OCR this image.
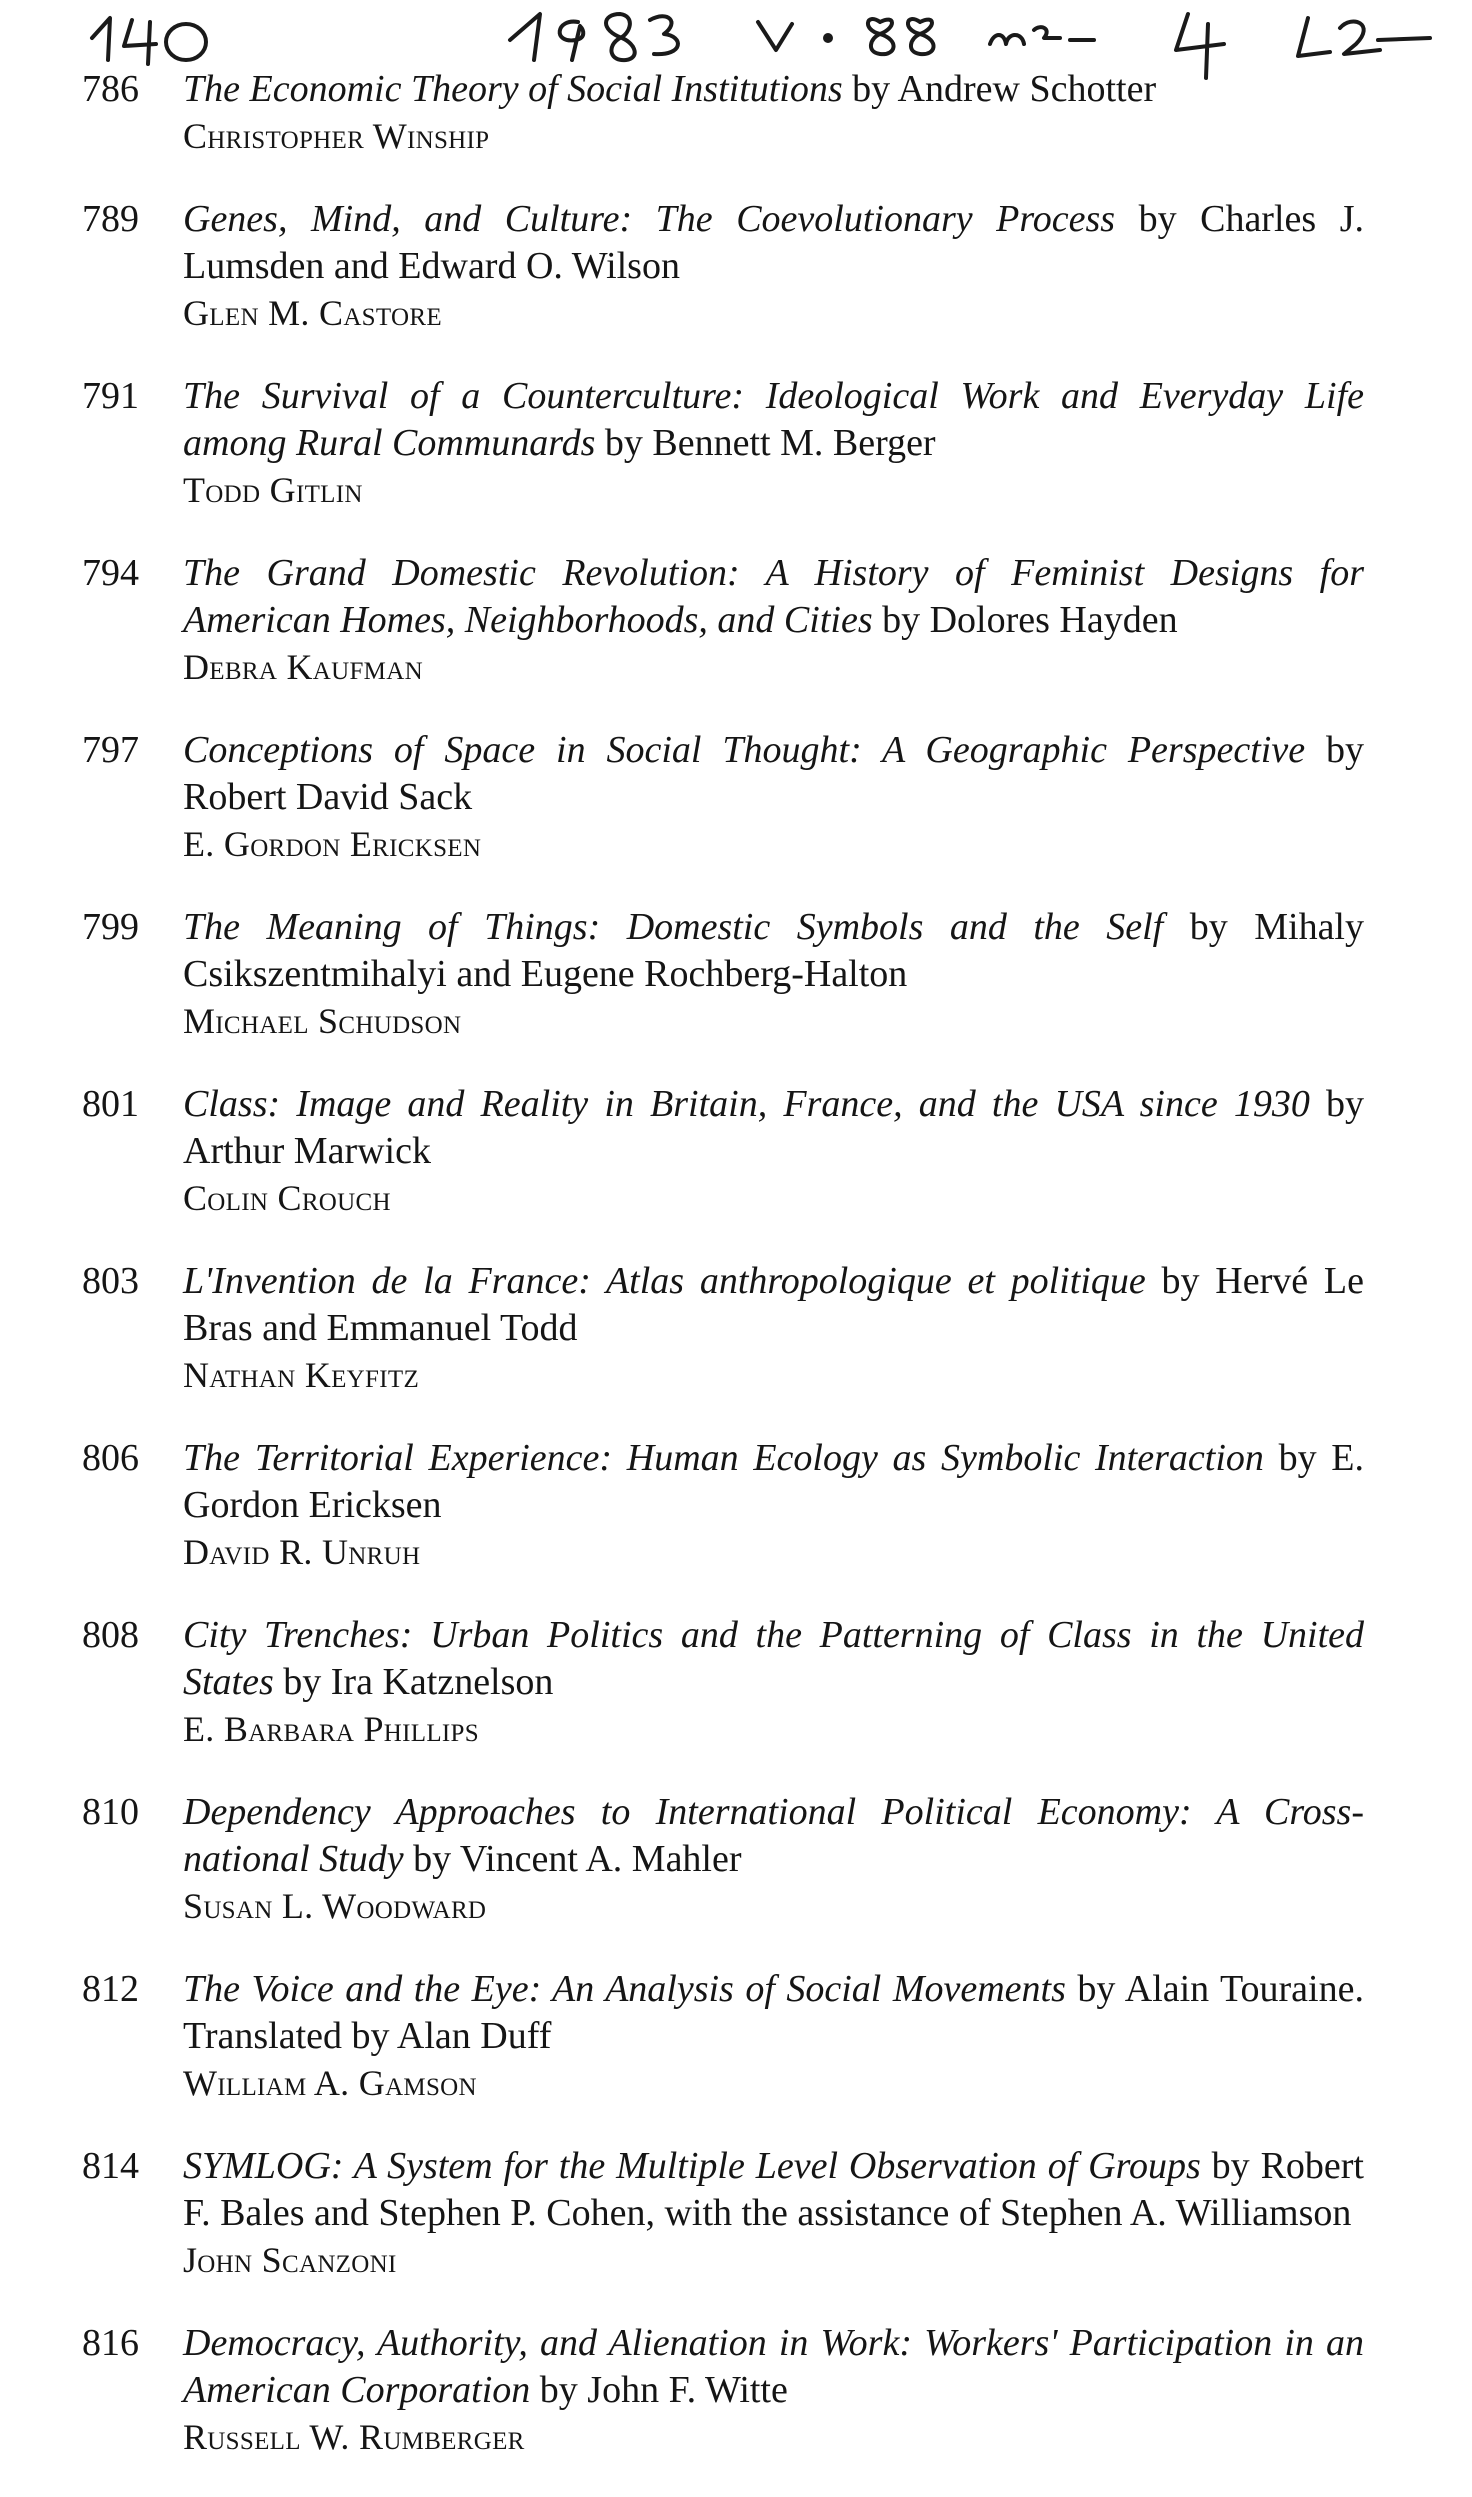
786	The Economic Theory of Social Institutions by Andrew Schotter
Christopher Winship
789	Genes, Mind, and Culture: The Coevolutionary Process by Charles J. Lumsden and Edward O. Wilson
Glen M. Castore
791	The Survival of a Counterculture: Ideological Work and Everyday Life among Rural Communards by Bennett M. Berger
Todd Gitlin
794	The Grand Domestic Revolution: A History of Feminist Designs for American Homes, Neighborhoods, and Cities by Dolores Hayden
Debra Kaufman
797	Conceptions of Space in Social Thought: A Geographic Perspective by Robert David Sack
E. Gordon Ericksen
799	The Meaning of Things: Domestic Symbols and the Self by Mihaly Csikszentmihalyi and Eugene Rochberg-Halton
Michael Schudson
801	Class: Image and Reality in Britain, France, and the USA since 1930 by Arthur Marwick
Colin Crouch
803	L'Invention de la France: Atlas anthropologique et politique by Hervé Le Bras and Emmanuel Todd
Nathan Keyfitz
806	The Territorial Experience: Human Ecology as Symbolic Interaction by E. Gordon Ericksen
David R. Unruh
808	City Trenches: Urban Politics and the Patterning of Class in the United States by Ira Katznelson
E. Barbara Phillips
810	Dependency Approaches to International Political Economy: A Cross-national Study by Vincent A. Mahler
Susan L. Woodward
812	The Voice and the Eye: An Analysis of Social Movements by Alain Touraine. Translated by Alan Duff
William A. Gamson
814	SYMLOG: A System for the Multiple Level Observation of Groups by Robert F. Bales and Stephen P. Cohen, with the assistance of Stephen A. Williamson
John Scanzoni
816	Democracy, Authority, and Alienation in Work: Workers' Participation in an American Corporation by John F. Witte
Russell W. Rumberger
